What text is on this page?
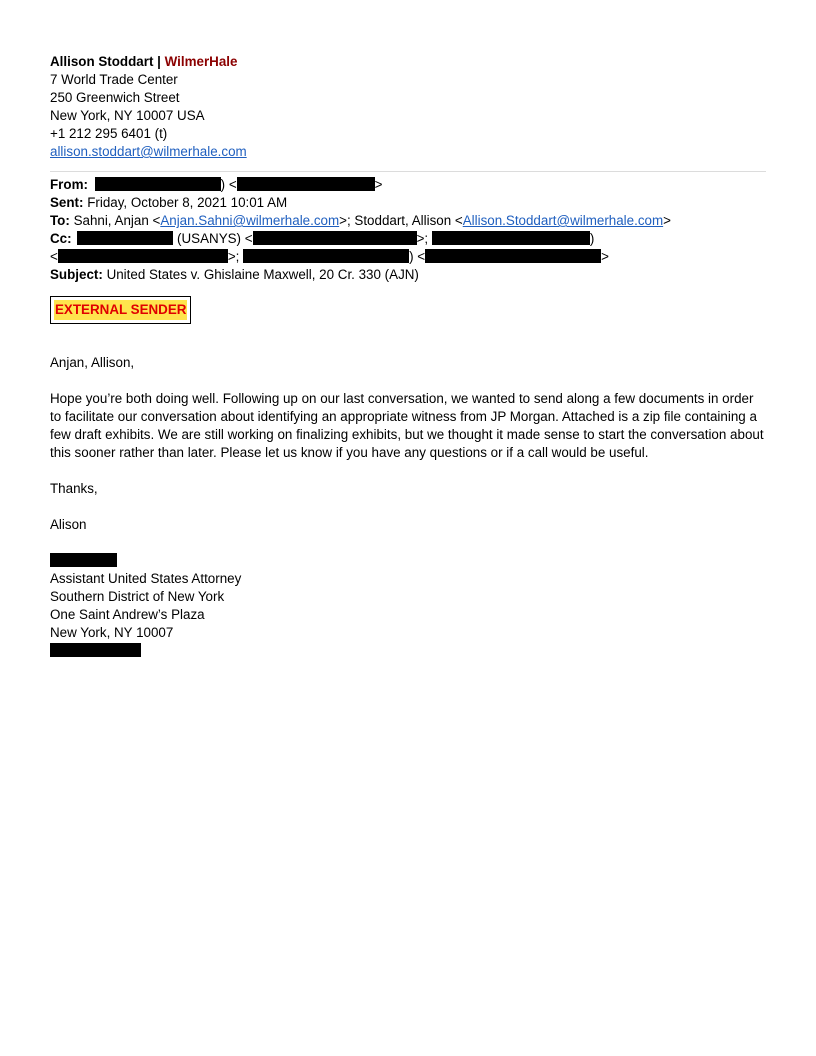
Allison Stoddart | WilmerHale
7 World Trade Center
250 Greenwich Street
New York, NY 10007 USA
+1 212 295 6401 (t)
allison.stoddart@wilmerhale.com
From:	) <	>
Sent: Friday, October 8, 2021 10:01 AM
To: Sahni, Anjan <Anjan.Sahni@wilmerhale.com>; Stoddart, Allison <Allison.Stoddart@wilmerhale.com>
Cc:	(USANYS) <	>;	)
<	>;	) <	>
Subject: United States v. Ghislaine Maxwell, 20 Cr. 330 (AJN)
EXTERNAL SENDER
Anjan, Allison,
Hope you’re both doing well. Following up on our last conversation, we wanted to send along a few documents in order to facilitate our conversation about identifying an appropriate witness from JP Morgan. Attached is a zip file containing a few draft exhibits. We are still working on finalizing exhibits, but we thought it made sense to start the conversation about this sooner rather than later. Please let us know if you have any questions or if a call would be useful.
Thanks,
Alison
Assistant United States Attorney
Southern District of New York
One Saint Andrew’s Plaza
New York, NY 10007
